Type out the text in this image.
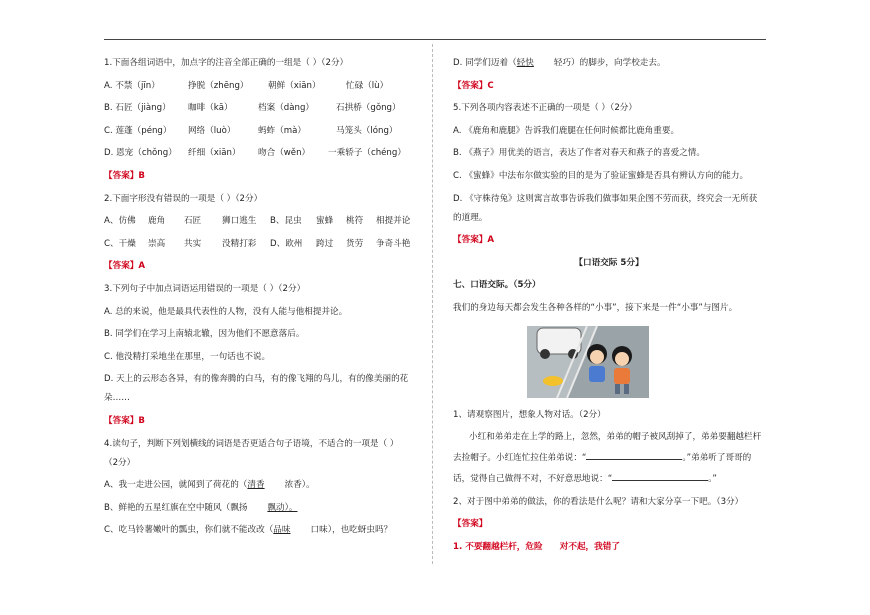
1.下面各组词语中，加点字的注音全部正确的一组是（ ）（2分）
A. 不禁（jīn）	挣脱（zhēng）	朝鲜（xiān）	忙碌（lù）
B. 石匠（jiàng）	咖啡（kā）	档案（dàng）	石拱桥（gǒng）
C. 莲蓬（péng）	网络（luò）	蚂蚱（mà）	马笼头（lóng）
D. 恩宠（chǒng）	纤细（xiān）	吻合（wěn）	一乘轿子（chéng）
【答案】B
2.下面字形没有错误的一项是（ ）（2分）
A、仿佛	鹿角	石匠	狮口逃生	B、昆虫	蜜蜂	桃符	相提并论
C、干燥	崇高	共实	没精打彩	D、欧州	跨过	货劳	争奇斗艳
【答案】A
3.下列句子中加点词语运用错误的一项是（ ）（2分）
A. 总的来说，他是最具代表性的人物，没有人能与他相提并论。
B. 同学们在学习上南辕北辙，因为他们不愿意落后。
C. 他没精打采地坐在那里，一句话也不说。
D. 天上的云形态各异，有的像奔腾的白马，有的像飞翔的鸟儿，有的像美丽的花
朵……
【答案】B
4.读句子，判断下列划横线的词语是否更适合句子语境，不适合的一项是（ ）
（2分）
A、我一走进公园，就闻到了荷花的（清香 浓香）。
B、鲜艳的五星红旗在空中随风（飘扬 飘动）。
C、吃马铃薯嫩叶的瓢虫，你们就不能改改（品味 口味），也吃蚜虫吗？
D. 同学们迈着（轻快 轻巧）的脚步，向学校走去。
【答案】C
5.下列各项内容表述不正确的一项是（ ）（2分）
A. 《鹿角和鹿腿》告诉我们鹿腿在任何时候都比鹿角重要。
B. 《燕子》用优美的语言，表达了作者对春天和燕子的喜爱之情。
C. 《蜜蜂》中法布尔做实验的目的是为了验证蜜蜂是否具有辨认方向的能力。
D. 《守株待兔》这则寓言故事告诉我们做事如果企图不劳而获，终究会一无所获
的道理。
【答案】A
【口语交际 5分】
七、口语交际。（5分）
我们的身边每天都会发生各种各样的“小事”，接下来是一件“小事”与图片。
1、请观察图片，想象人物对话。（2分）
小红和弟弟走在上学的路上，忽然，弟弟的帽子被风刮掉了，弟弟要翻越栏杆
去捡帽子。小红连忙拉住弟弟说：“	。”弟弟听了哥哥的
话，觉得自己做得不对，不好意思地说：“	。”
2、对于图中弟弟的做法，你的看法是什么呢？请和大家分享一下吧。（3分）
【答案】
1. 不要翻越栏杆，危险　　对不起，我错了
